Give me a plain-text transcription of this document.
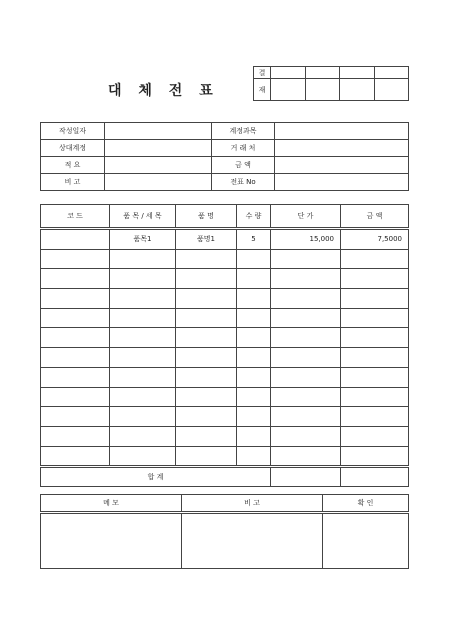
대 체 전 표
결				
재				
작성일자		계정과목	
상대계정		거 래 처	
적 요		금 액	
비 고		전표 No	
코 드	품 목 / 세 목	품 명	수 량	단 가	금 액
	품목1	품명1	5	15,000	7,5000

합 계					
메 모	비 고	확 인
